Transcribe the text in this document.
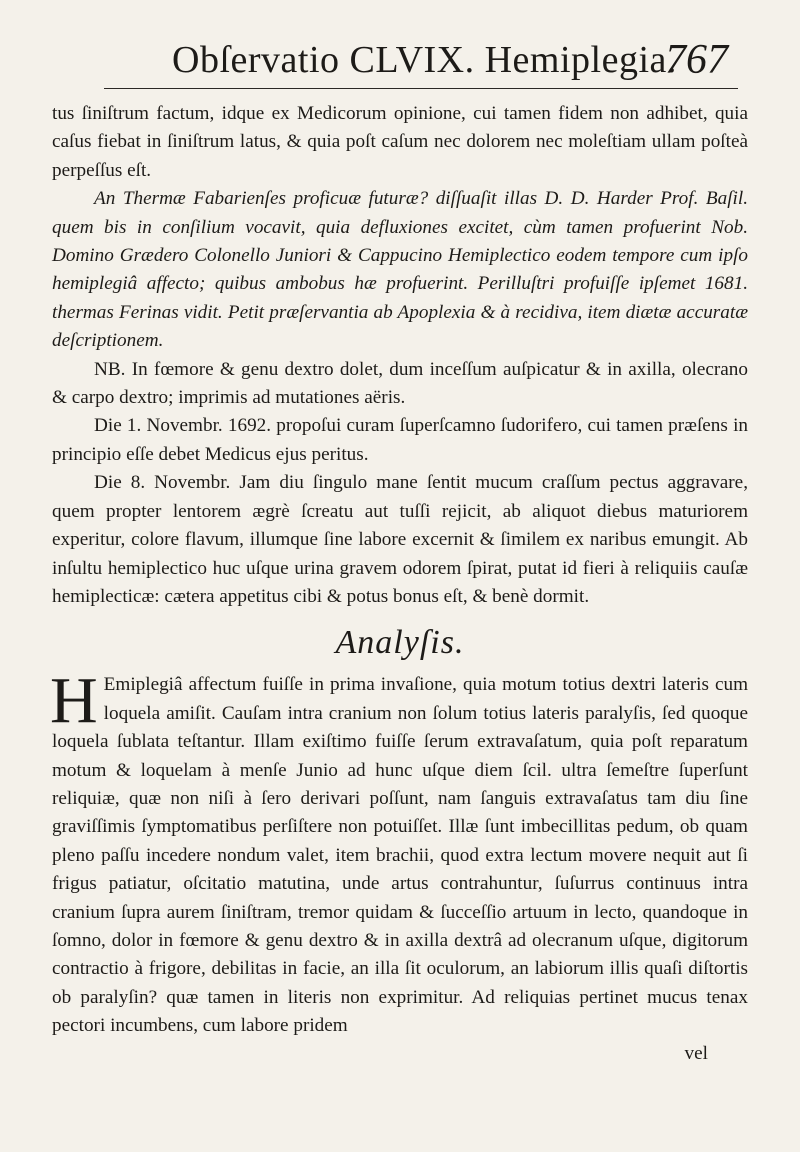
Obſervatio CLVIX. Hemiplegia.
767

tus ſiniſtrum factum, idque ex Medicorum opinione, cui tamen fidem non adhibet, quia caſus fiebat in ſiniſtrum latus, & quia poſt caſum nec dolorem nec moleſtiam ullam poſteà perpeſſus eſt.

An Thermæ Fabarienſes proficuæ futuræ? diſſuaſit illas D. D. Harder Prof. Baſil. quem bis in conſilium vocavit, quia defluxiones excitet, cùm tamen profuerint Nob. Domino Grædero Colonello Juniori & Cappucino Hemiplectico eodem tempore cum ipſo hemiplegiâ affecto; quibus ambobus hæ profuerint. Perilluſtri profuiſſe ipſemet 1681. thermas Ferinas vidit. Petit præſervantia ab Apoplexia & à recidiva, item diætæ accuratæ deſcriptionem.

NB. In fœmore & genu dextro dolet, dum inceſſum auſpicatur & in axilla, olecrano & carpo dextro; imprimis ad mutationes aëris.

Die 1. Novembr. 1692. propoſui curam ſuperſcamno ſudorifero, cui tamen præſens in principio eſſe debet Medicus ejus peritus.

Die 8. Novembr. Jam diu ſingulo mane ſentit mucum craſſum pectus aggravare, quem propter lentorem ægrè ſcreatu aut tuſſi rejicit, ab aliquot diebus maturiorem experitur, colore flavum, illumque ſine labore excernit & ſimilem ex naribus emungit. Ab inſultu hemiplectico huc uſque urina gravem odorem ſpirat, putat id fieri à reliquiis cauſæ hemiplecticæ: cætera appetitus cibi & potus bonus eſt, & benè dormit.

Analyſis.

H Emiplegiâ affectum fuiſſe in prima invaſione, quia motum totius dextri lateris cum loquela amiſit. Cauſam intra cranium non ſolum totius lateris paralyſis, ſed quoque loquela ſublata teſtantur. Illam exiſtimo fuiſſe ſerum extravaſatum, quia poſt reparatum motum & loquelam à menſe Junio ad hunc uſque diem ſcil. ultra ſemeſtre ſuperſunt reliquiæ, quæ non niſi à ſero derivari poſſunt, nam ſanguis extravaſatus tam diu ſine graviſſimis ſymptomatibus perſiſtere non potuiſſet. Illæ ſunt imbecillitas pedum, ob quam pleno paſſu incedere nondum valet, item brachii, quod extra lectum movere nequit aut ſi frigus patiatur, oſcitatio matutina, unde artus contrahuntur, ſuſurrus continuus intra cranium ſupra aurem ſiniſtram, tremor quidam & ſucceſſio artuum in lecto, quandoque in ſomno, dolor in fœmore & genu dextro & in axilla dextrâ ad olecranum uſque, digitorum contractio à frigore, debilitas in facie, an illa ſit oculorum, an labiorum illis quaſi diſtortis ob paralyſin? quæ tamen in literis non exprimitur. Ad reliquias pertinet mucus tenax pectori incumbens, cum labore pridem

vel
